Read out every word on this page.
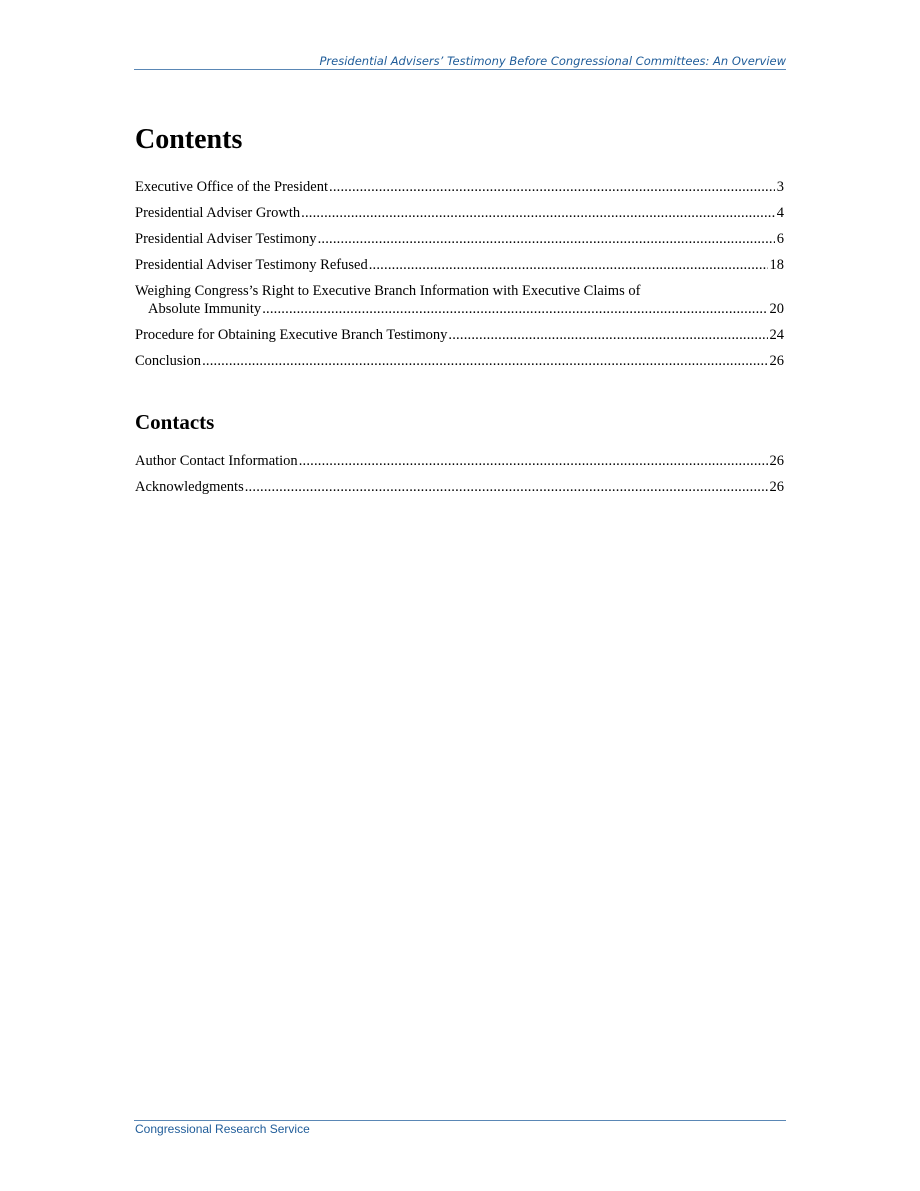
Presidential Advisers’ Testimony Before Congressional Committees: An Overview
Contents
Executive Office of the President .....	3
Presidential Adviser Growth .....	4
Presidential Adviser Testimony .....	6
Presidential Adviser Testimony Refused .....	18
Weighing Congress’s Right to Executive Branch Information with Executive Claims of
Absolute Immunity .....	20
Procedure for Obtaining Executive Branch Testimony .....	24
Conclusion .....	26
Contacts
Author Contact Information .....	26
Acknowledgments .....	26
Congressional Research Service
